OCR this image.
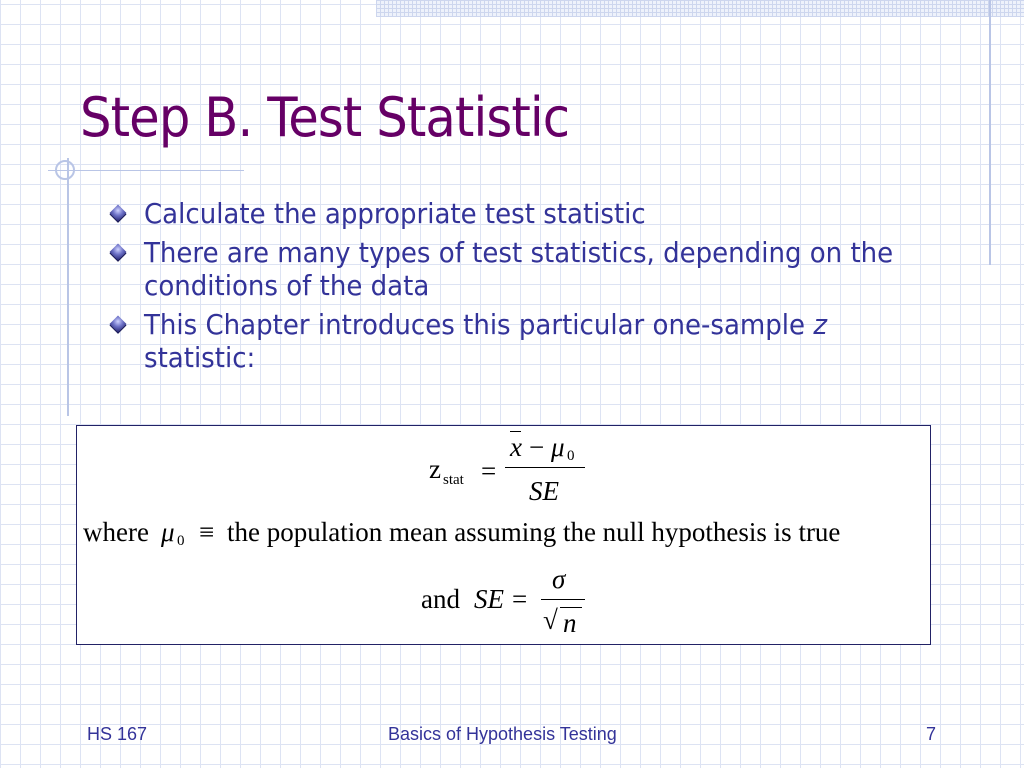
Step B. Test Statistic
Calculate the appropriate test statistic
There are many types of test statistics, depending on the conditions of the data
This Chapter introduces this particular one-sample z
statistic:
z stat =
x − μ 0
SE
where μ 0 ≡ the population mean assuming the null hypothesis is true
and SE =
σ
√ n
HS 167	Basics of Hypothesis Testing	7
